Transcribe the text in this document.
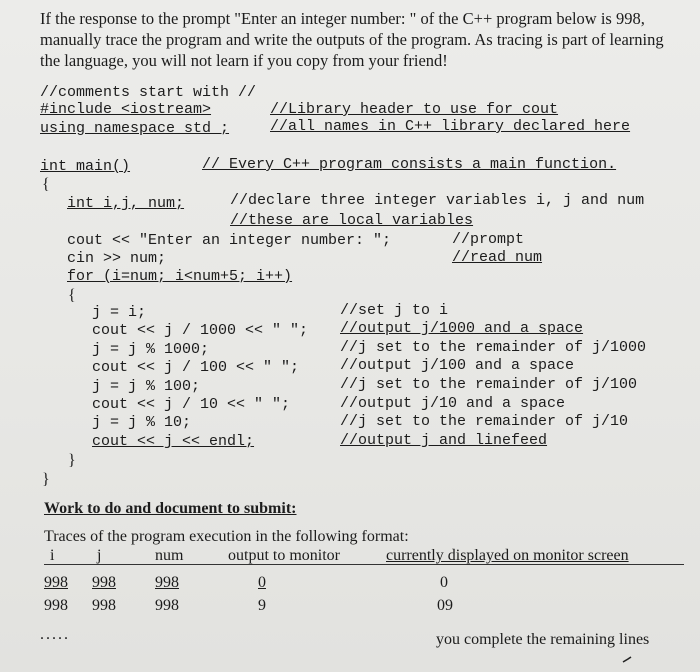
If the response to the prompt "Enter an integer number: " of the C++ program below is 998, manually trace the program and write the outputs of the program. As tracing is part of learning the language, you will not learn if you copy from your friend!
//comments start with //
#include <iostream>	//Library header to use for cout
using namespace std ;	//all names in C++ library declared here
int main()	// Every C++ program consists a main function.
{
int i,j, num;	//declare three integer variables i, j and num
//these are local variables
cout << "Enter an integer number: ";	//prompt
cin >> num;	//read num
for (i=num; i<num+5; i++)
{
j = i;	//set j to i
cout << j / 1000 << " "; //output j/1000 and a space
j = j % 1000;	//j set to the remainder of j/1000
cout << j / 100 << " ";	//output j/100 and a space
j = j % 100;	//j set to the remainder of j/100
cout << j / 10 << " ";	//output j/10 and a space
j = j % 10;	//j set to the remainder of j/10
cout << j << endl;	//output j and linefeed
}
}
Work to do and document to submit:
Traces of the program execution in the following format:
i	j	num	output to monitor	currently displayed on monitor screen
998 998 998	0	0
998 998 998	9	09
.....	you complete the remaining lines
